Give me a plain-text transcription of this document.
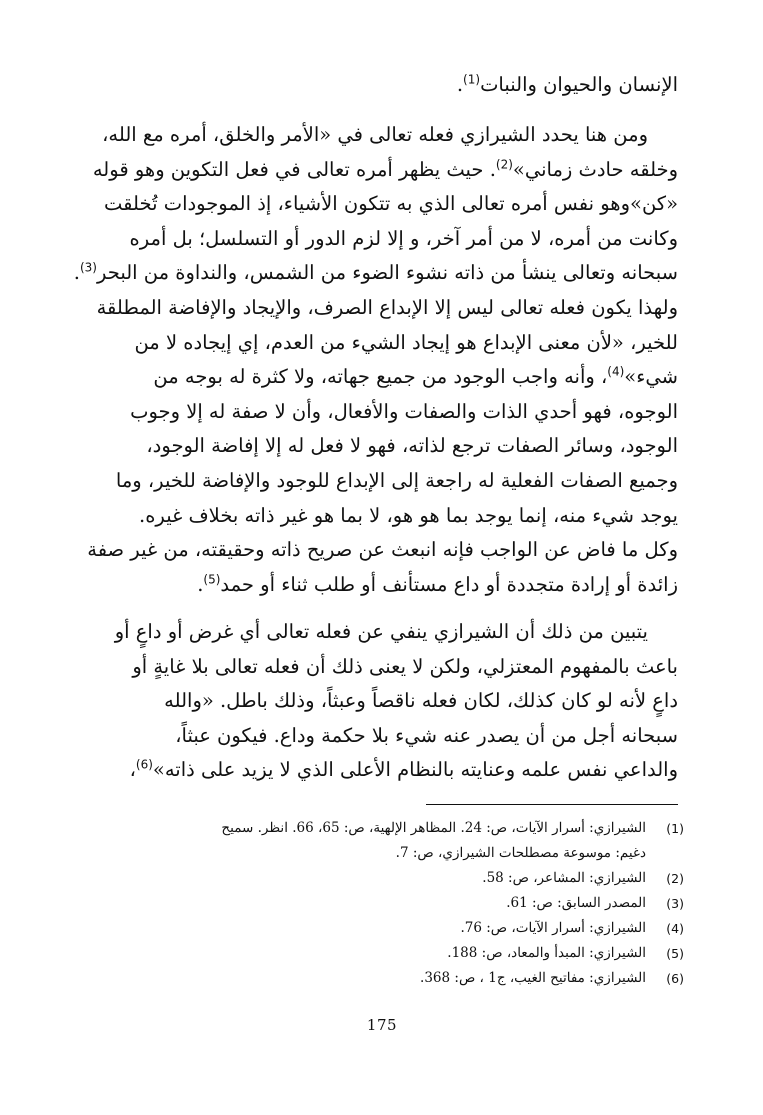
الإنسان والحيوان والنبات$^{(1)}$.
ومن هنا يحدد الشيرازي فعله تعالى في «الأمر والخلق، أمره مع الله،
وخلقه حادث زماني»$^{(2)}$. حيث يظهر أمره تعالى في فعل التكوين وهو قوله
«كن»وهو نفس أمره تعالى الذي به تتكون الأشياء، إذ الموجودات تُخلقت
وكانت من أمره، لا من أمر آخر، و إلا لزم الدور أو التسلسل؛ بل أمره
سبحانه وتعالى ينشأ من ذاته نشوء الضوء من الشمس، والنداوة من البحر$^{(3)}$.
ولهذا يكون فعله تعالى ليس إلا الإبداع الصرف، والإيجاد والإفاضة المطلقة
للخير، «لأن معنى الإبداع هو إيجاد الشيء من العدم، إي إيجاده لا من
شيء»$^{(4)}$، وأنه واجب الوجود من جميع جهاته، ولا كثرة له بوجه من
الوجوه، فهو أحدي الذات والصفات والأفعال، وأن لا صفة له إلا وجوب
الوجود، وسائر الصفات ترجع لذاته، فهو لا فعل له إلا إفاضة الوجود،
وجميع الصفات الفعلية له راجعة إلى الإبداع للوجود والإفاضة للخير، وما
يوجد شيء منه، إنما يوجد بما هو هو، لا بما هو غير ذاته بخلاف غيره.
وكل ما فاض عن الواجب فإنه انبعث عن صريح ذاته وحقيقته، من غير صفة
زائدة أو إرادة متجددة أو داع مستأنف أو طلب ثناء أو حمد$^{(5)}$.
يتبين من ذلك أن الشيرازي ينفي عن فعله تعالى أي غرض أو داعٍ أو
باعث بالمفهوم المعتزلي، ولكن لا يعنى ذلك أن فعله تعالى بلا غايةٍ أو
داعٍ لأنه لو كان كذلك، لكان فعله ناقصاً وعبثاً، وذلك باطل. «والله
سبحانه أجل من أن يصدر عنه شيء بلا حكمة وداع. فيكون عبثاً،
والداعي نفس علمه وعنايته بالنظام الأعلى الذي لا يزيد على ذاته»$^{(6)}$،
(1)
الشيرازي: أسرار الآيات، ص: 24. المظاهر الإلهية، ص: 65، 66. انظر. سميح
دغيم: موسوعة مصطلحات الشيرازي، ص: 7.
(2)
الشيرازي: المشاعر، ص: 58.
(3)
المصدر السابق: ص: 61.
(4)
الشيرازي: أسرار الآيات، ص: 76.
(5)
الشيرازي: المبدأ والمعاد، ص: 188.
(6)
الشيرازي: مفاتيح الغيب، ج1 ، ص: 368.
175
